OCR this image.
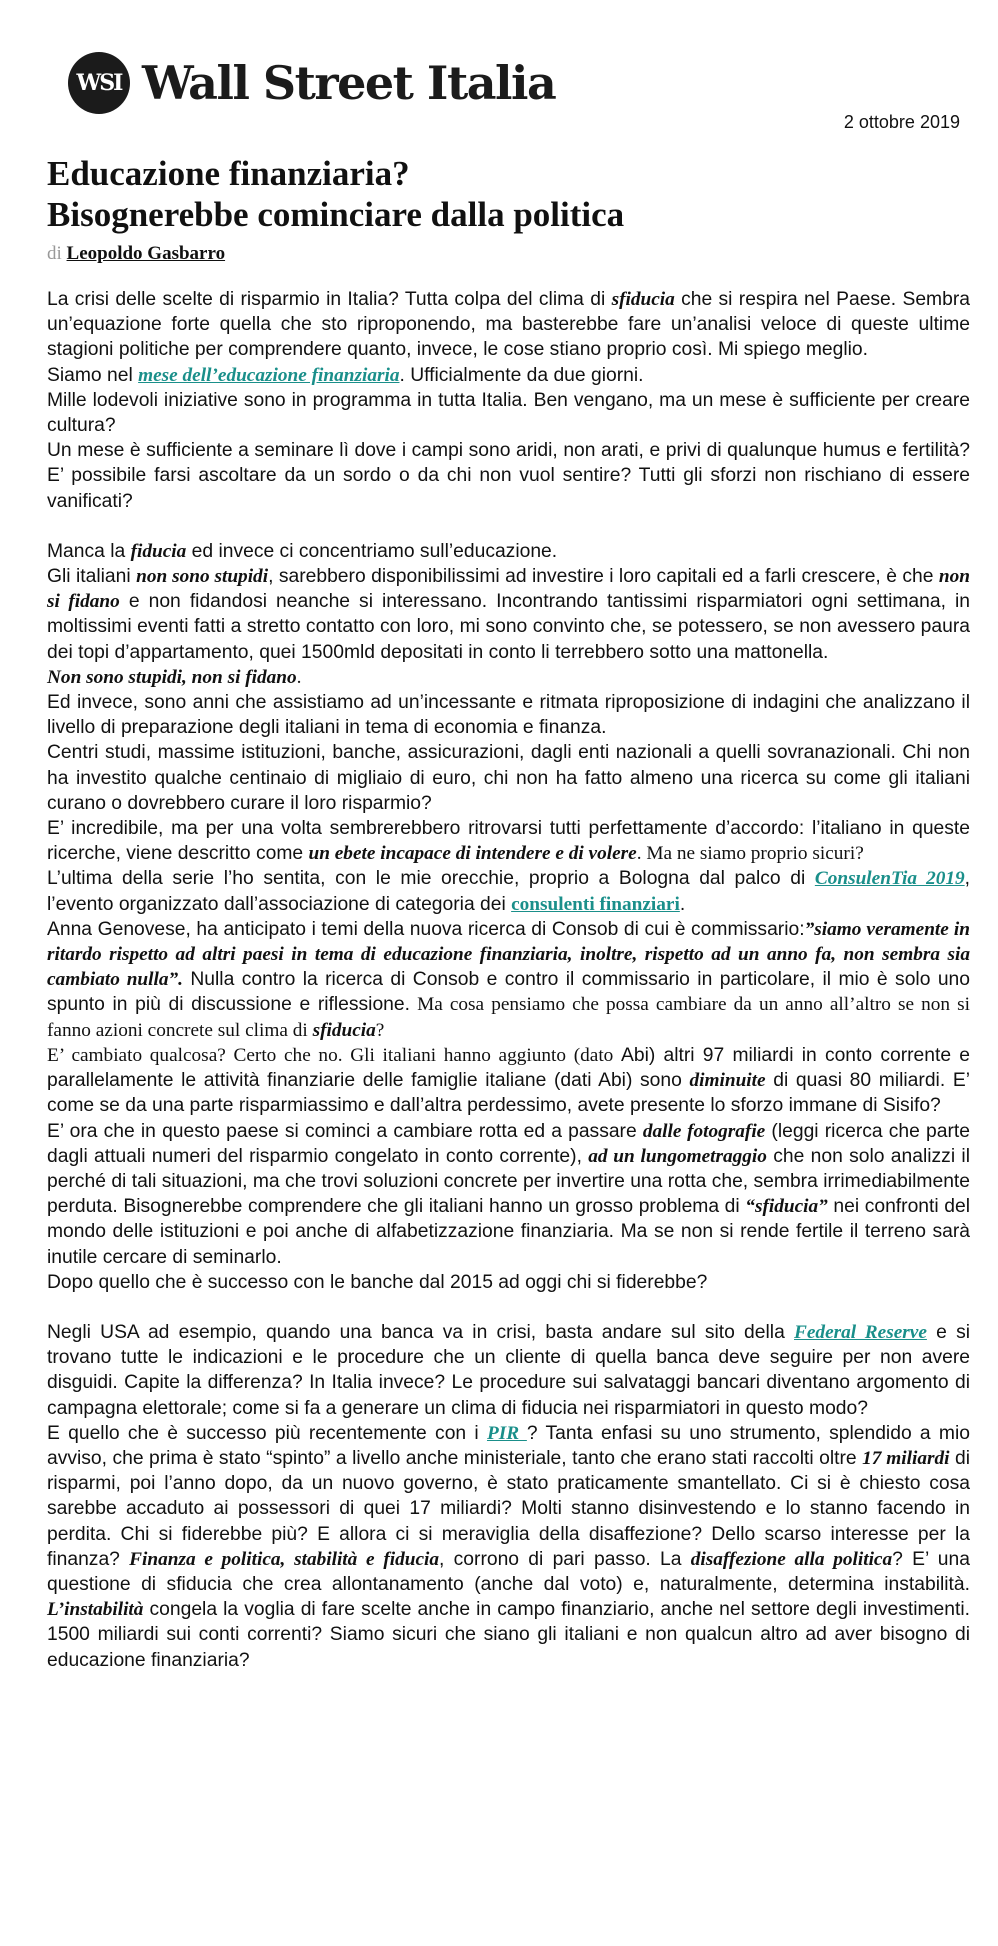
WSI Wall Street Italia
2 ottobre 2019
Educazione finanziaria?
Bisognerebbe cominciare dalla politica
di Leopoldo Gasbarro

La crisi delle scelte di risparmio in Italia? Tutta colpa del clima di sfiducia che si respira nel Paese. Sembra un’equazione forte quella che sto riproponendo, ma basterebbe fare un’analisi veloce di queste ultime stagioni politiche per comprendere quanto, invece, le cose stiano proprio così. Mi spiego meglio.

Siamo nel mese dell’educazione finanziaria. Ufficialmente da due giorni.

Mille lodevoli iniziative sono in programma in tutta Italia. Ben vengano, ma un mese è sufficiente per creare cultura?

Un mese è sufficiente a seminare lì dove i campi sono aridi, non arati, e privi di qualunque humus e fertilità? E’ possibile farsi ascoltare da un sordo o da chi non vuol sentire? Tutti gli sforzi non rischiano di essere vanificati?

Manca la fiducia ed invece ci concentriamo sull’educazione.

Gli italiani non sono stupidi, sarebbero disponibilissimi ad investire i loro capitali ed a farli crescere, è che non si fidano e non fidandosi neanche si interessano. Incontrando tantissimi risparmiatori ogni settimana, in moltissimi eventi fatti a stretto contatto con loro, mi sono convinto che, se potessero, se non avessero paura dei topi d’appartamento, quei 1500mld depositati in conto li terrebbero sotto una mattonella.

Non sono stupidi, non si fidano.

Ed invece, sono anni che assistiamo ad un’incessante e ritmata riproposizione di indagini che analizzano il livello di preparazione degli italiani in tema di economia e finanza.

Centri studi, massime istituzioni, banche, assicurazioni, dagli enti nazionali a quelli sovranazionali. Chi non ha investito qualche centinaio di migliaio di euro, chi non ha fatto almeno una ricerca su come gli italiani curano o dovrebbero curare il loro risparmio?

E’ incredibile, ma per una volta sembrerebbero ritrovarsi tutti perfettamente d’accordo: l’italiano in queste ricerche, viene descritto come un ebete incapace di intendere e di volere. Ma ne siamo proprio sicuri?

L’ultima della serie l’ho sentita, con le mie orecchie, proprio a Bologna dal palco di ConsulenTia 2019, l’evento organizzato dall’associazione di categoria dei consulenti finanziari.

Anna Genovese, ha anticipato i temi della nuova ricerca di Consob di cui è commissario:”siamo veramente in ritardo rispetto ad altri paesi in tema di educazione finanziaria, inoltre, rispetto ad un anno fa, non sembra sia cambiato nulla”. Nulla contro la ricerca di Consob e contro il commissario in particolare, il mio è solo uno spunto in più di discussione e riflessione. Ma cosa pensiamo che possa cambiare da un anno all’altro se non si fanno azioni concrete sul clima di sfiducia?

E’ cambiato qualcosa? Certo che no. Gli italiani hanno aggiunto (dato Abi) altri 97 miliardi in conto corrente e parallelamente le attività finanziarie delle famiglie italiane (dati Abi) sono diminuite di quasi 80 miliardi. E’ come se da una parte risparmiassimo e dall’altra perdessimo, avete presente lo sforzo immane di Sisifo?

E’ ora che in questo paese si cominci a cambiare rotta ed a passare dalle fotografie (leggi ricerca che parte dagli attuali numeri del risparmio congelato in conto corrente), ad un lungometraggio che non solo analizzi il perché di tali situazioni, ma che trovi soluzioni concrete per invertire una rotta che, sembra irrimediabilmente perduta. Bisognerebbe comprendere che gli italiani hanno un grosso problema di “sfiducia” nei confronti del mondo delle istituzioni e poi anche di alfabetizzazione finanziaria. Ma se non si rende fertile il terreno sarà inutile cercare di seminarlo.

Dopo quello che è successo con le banche dal 2015 ad oggi chi si fiderebbe?

Negli USA ad esempio, quando una banca va in crisi, basta andare sul sito della Federal Reserve e si trovano tutte le indicazioni e le procedure che un cliente di quella banca deve seguire per non avere disguidi. Capite la differenza? In Italia invece? Le procedure sui salvataggi bancari diventano argomento di campagna elettorale; come si fa a generare un clima di fiducia nei risparmiatori in questo modo?

E quello che è successo più recentemente con i PIR ? Tanta enfasi su uno strumento, splendido a mio avviso, che prima è stato “spinto” a livello anche ministeriale, tanto che erano stati raccolti oltre 17 miliardi di risparmi, poi l’anno dopo, da un nuovo governo, è stato praticamente smantellato. Ci si è chiesto cosa sarebbe accaduto ai possessori di quei 17 miliardi? Molti stanno disinvestendo e lo stanno facendo in perdita. Chi si fiderebbe più? E allora ci si meraviglia della disaffezione? Dello scarso interesse per la finanza? Finanza e politica, stabilità e fiducia, corrono di pari passo. La disaffezione alla politica? E’ una questione di sfiducia che crea allontanamento (anche dal voto) e, naturalmente, determina instabilità. L’instabilità congela la voglia di fare scelte anche in campo finanziario, anche nel settore degli investimenti. 1500 miliardi sui conti correnti? Siamo sicuri che siano gli italiani e non qualcun altro ad aver bisogno di educazione finanziaria?
